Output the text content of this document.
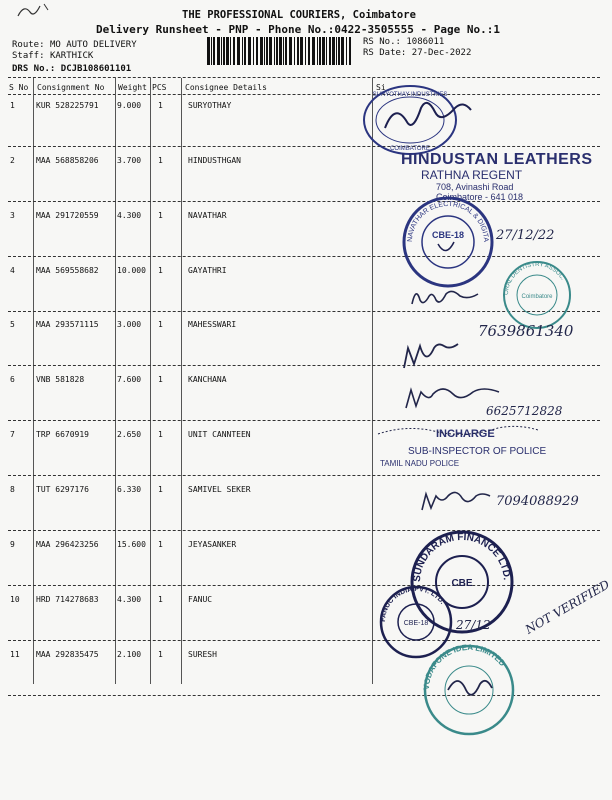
THE PROFESSIONAL COURIERS, Coimbatore
Delivery Runsheet - PNP - Phone No.:0422-3505555 - Page No.:1
Route: MO AUTO DELIVERY
Staff: KARTHICK
DRS No.: DCJB108601101
RS No.: 1086011
RS Date: 27-Dec-2022
S No Consignment No Weight PCS Consignee Details	Si
1	KUR 528225791 9.000 1	SURYOTHAY
2	MAA 568858206 3.700 1	HINDUSTHGAN
3	MAA 291720559 4.300 1	NAVATHAR
4	MAA 569558682 10.000 1	GAYATHRI
5	MAA 293571115 3.000 1	MAHESSWARI
6	VNB 581828	7.600 1	KANCHANA
7	TRP 6670919	2.650 1	UNIT CANNTEEN
8	TUT 6297176	6.330 1	SAMIVEL SEKER
9	MAA 296423256 15.600 1	JEYASANKER
10 HRD 714278683 4.300 1	FANUC
11 MAA 292835475 2.100 1	SURESH
SURYOTHAY INDUSTRIES
COIMBATORE
HINDUSTAN LEATHERS
RATHNA REGENT
708, Avinashi Road
Coimbatore - 641 018
NAVATHAR ELECTRICAL & DIGITA
CBE-18 27/12/22
ORAL DENTISTRY ASSOC.
Coimbatore
7639861340
6625712828
INCHARGE
SUB-INSPECTOR OF POLICE
TAMIL NADU POLICE
7094088929
SUNDARAM FINANCE LTD.
CBE
FANUC INDIA PVT. LTD.
CBE-18 27/12	NOT VERIFIED
VODAFONE IDEA LIMITED
